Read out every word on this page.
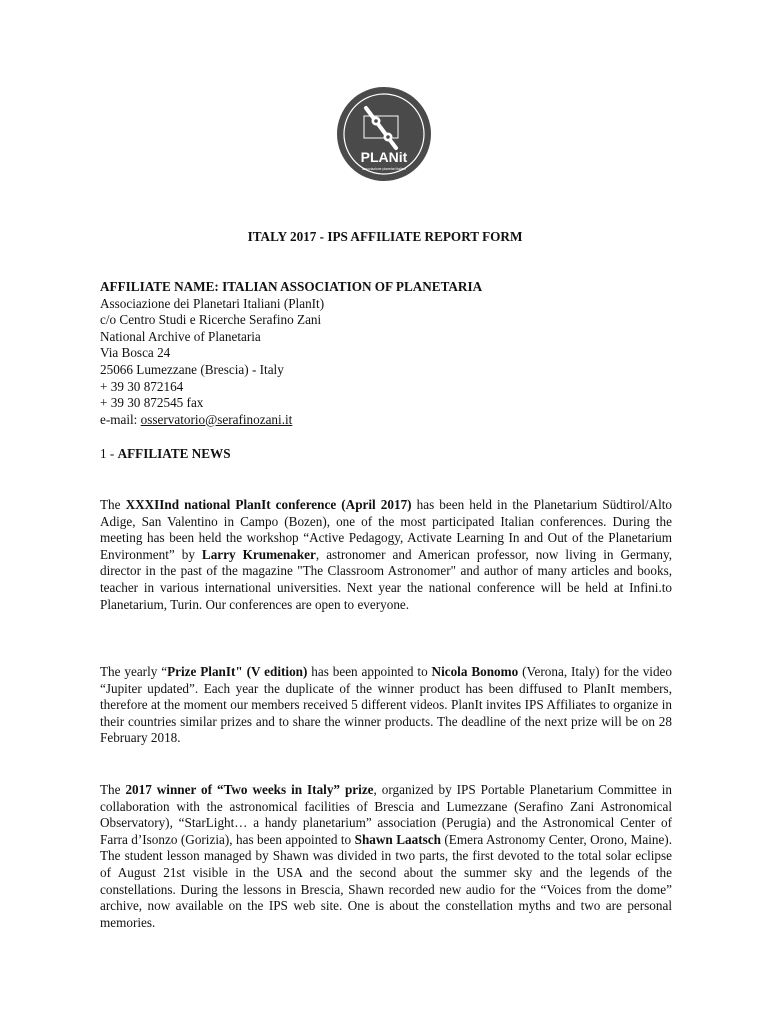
PLANit
associazione planetari italiani
ITALY 2017 - IPS AFFILIATE REPORT FORM
AFFILIATE NAME: ITALIAN ASSOCIATION OF PLANETARIA
Associazione dei Planetari Italiani (PlanIt)
c/o Centro Studi e Ricerche Serafino Zani
National Archive of Planetaria
Via Bosca 24
25066 Lumezzane (Brescia) - Italy
+ 39 30 872164
+ 39 30 872545 fax
e-mail: osservatorio@serafinozani.it
1 - AFFILIATE NEWS

The XXXIInd national PlanIt conference (April 2017) has been held in the Planetarium Südtirol/Alto Adige, San Valentino in Campo (Bozen), one of the most participated Italian conferences. During the meeting has been held the workshop “Active Pedagogy, Activate Learning In and Out of the Planetarium Environment” by Larry Krumenaker, astronomer and American professor, now living in Germany, director in the past of the magazine "The Classroom Astronomer" and author of many articles and books, teacher in various international universities. Next year the national conference will be held at Infini.to Planetarium, Turin. Our conferences are open to everyone.

The yearly “Prize PlanIt" (V edition) has been appointed to Nicola Bonomo (Verona, Italy) for the video “Jupiter updated”. Each year the duplicate of the winner product has been diffused to PlanIt members, therefore at the moment our members received 5 different videos. PlanIt invites IPS Affiliates to organize in their countries similar prizes and to share the winner products. The deadline of the next prize will be on 28 February 2018.

The 2017 winner of “Two weeks in Italy” prize, organized by IPS Portable Planetarium Committee in collaboration with the astronomical facilities of Brescia and Lumezzane (Serafino Zani Astronomical Observatory), “StarLight… a handy planetarium” association (Perugia) and the Astronomical Center of Farra d’Isonzo (Gorizia), has been appointed to Shawn Laatsch (Emera Astronomy Center, Orono, Maine). The student lesson managed by Shawn was divided in two parts, the first devoted to the total solar eclipse of August 21st visible in the USA and the second about the summer sky and the legends of the constellations. During the lessons in Brescia, Shawn recorded new audio for the “Voices from the dome” archive, now available on the IPS web site. One is about the constellation myths and two are personal memories.
